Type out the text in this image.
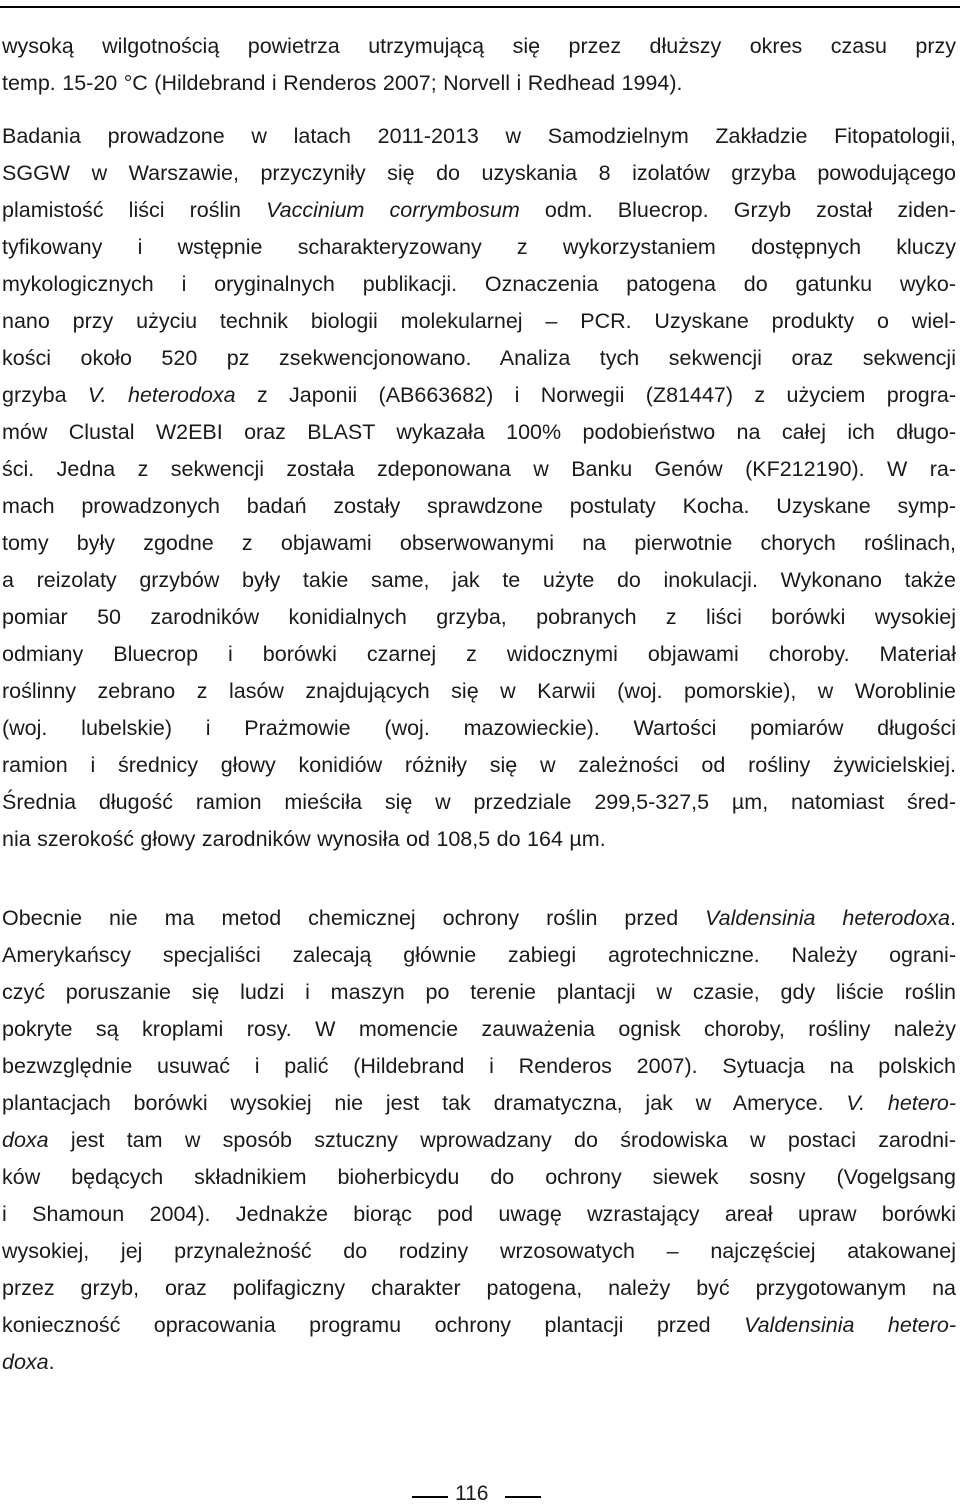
wysoką wilgotnością powietrza utrzymującą się przez dłuższy okres czasu przy
temp. 15-20 °C (Hildebrand i Renderos 2007; Norvell i Redhead 1994).
Badania prowadzone w latach 2011-2013 w Samodzielnym Zakładzie Fitopatologii,
SGGW w Warszawie, przyczyniły się do uzyskania 8 izolatów grzyba powodującego
plamistość liści roślin Vaccinium corrymbosum odm. Bluecrop. Grzyb został ziden-
tyfikowany i wstępnie scharakteryzowany z wykorzystaniem dostępnych kluczy
mykologicznych i oryginalnych publikacji. Oznaczenia patogena do gatunku wyko-
nano przy użyciu technik biologii molekularnej – PCR. Uzyskane produkty o wiel-
kości około 520 pz zsekwencjonowano. Analiza tych sekwencji oraz sekwencji
grzyba V. heterodoxa z Japonii (AB663682) i Norwegii (Z81447) z użyciem progra-
mów Clustal W2EBI oraz BLAST wykazała 100% podobieństwo na całej ich długo-
ści. Jedna z sekwencji została zdeponowana w Banku Genów (KF212190). W ra-
mach prowadzonych badań zostały sprawdzone postulaty Kocha. Uzyskane symp-
tomy były zgodne z objawami obserwowanymi na pierwotnie chorych roślinach,
a reizolaty grzybów były takie same, jak te użyte do inokulacji. Wykonano także
pomiar 50 zarodników konidialnych grzyba, pobranych z liści borówki wysokiej
odmiany Bluecrop i borówki czarnej z widocznymi objawami choroby. Materiał
roślinny zebrano z lasów znajdujących się w Karwii (woj. pomorskie), w Woroblinie
(woj. lubelskie) i Prażmowie (woj. mazowieckie). Wartości pomiarów długości
ramion i średnicy głowy konidiów różniły się w zależności od rośliny żywicielskiej.
Średnia długość ramion mieściła się w przedziale 299,5-327,5 µm, natomiast śred-
nia szerokość głowy zarodników wynosiła od 108,5 do 164 µm.
Obecnie nie ma metod chemicznej ochrony roślin przed Valdensinia heterodoxa.
Amerykańscy specjaliści zalecają głównie zabiegi agrotechniczne. Należy ograni-
czyć poruszanie się ludzi i maszyn po terenie plantacji w czasie, gdy liście roślin
pokryte są kroplami rosy. W momencie zauważenia ognisk choroby, rośliny należy
bezwzględnie usuwać i palić (Hildebrand i Renderos 2007). Sytuacja na polskich
plantacjach borówki wysokiej nie jest tak dramatyczna, jak w Ameryce. V. hetero-
doxa jest tam w sposób sztuczny wprowadzany do środowiska w postaci zarodni-
ków będących składnikiem bioherbicydu do ochrony siewek sosny (Vogelgsang
i Shamoun 2004). Jednakże biorąc pod uwagę wzrastający areał upraw borówki
wysokiej, jej przynależność do rodziny wrzosowatych – najczęściej atakowanej
przez grzyb, oraz polifagiczny charakter patogena, należy być przygotowanym na
konieczność opracowania programu ochrony plantacji przed Valdensinia hetero-
doxa.
116
